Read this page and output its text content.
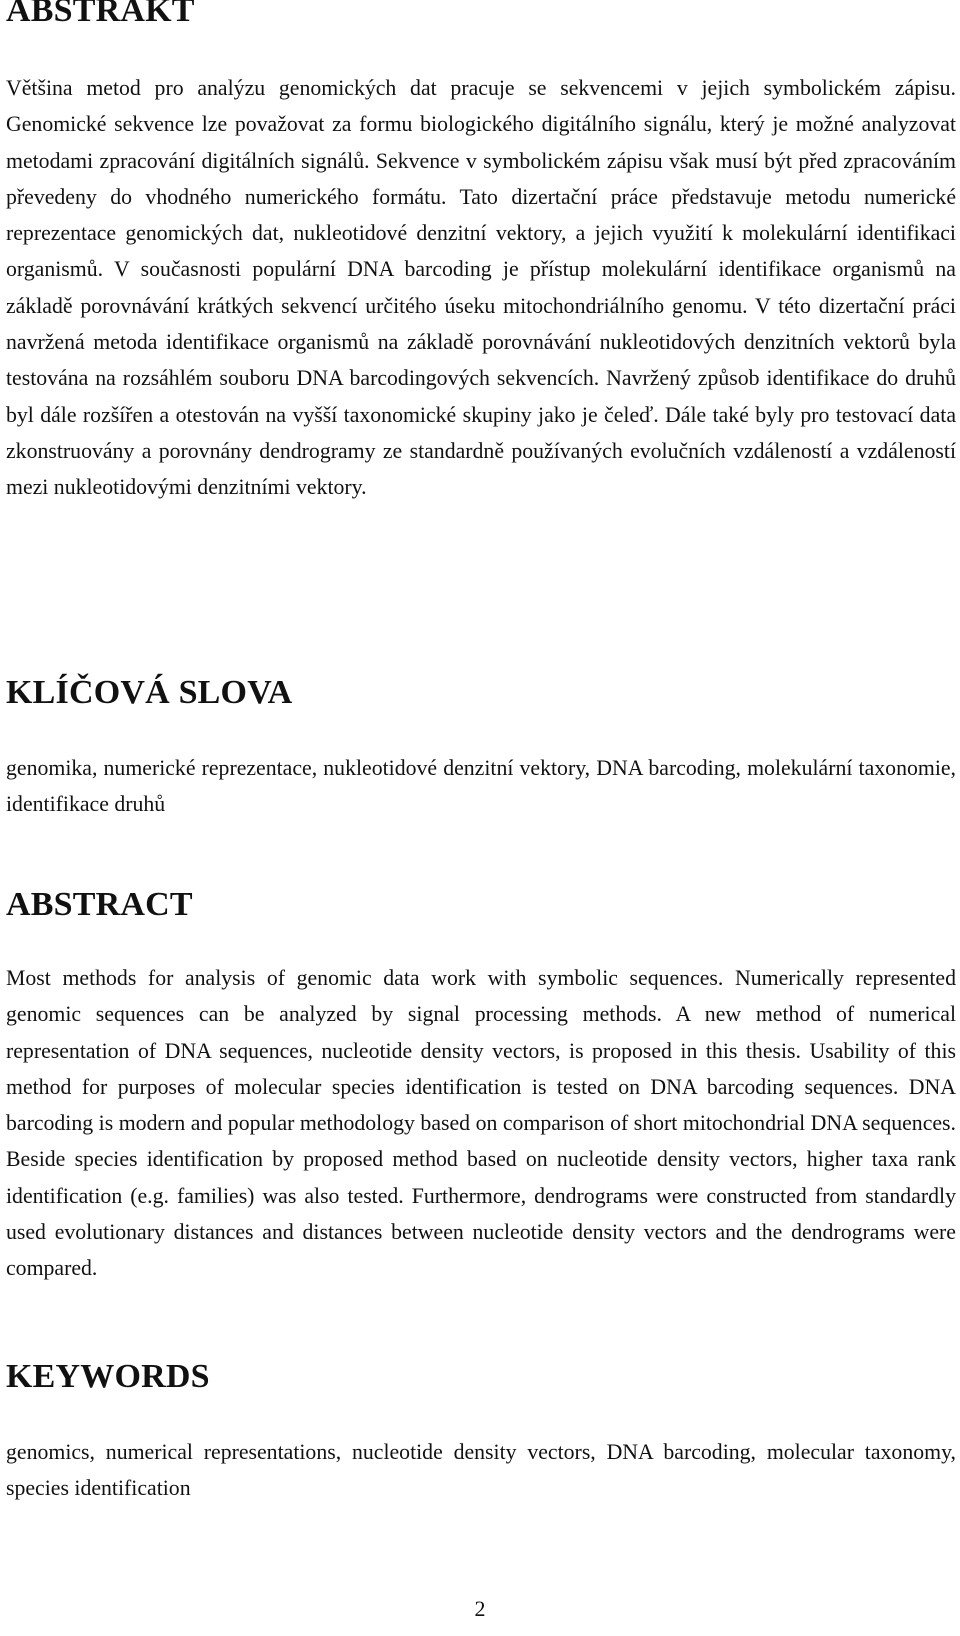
ABSTRAKT

Většina metod pro analýzu genomických dat pracuje se sekvencemi v jejich symbolickém zápisu. Genomické sekvence lze považovat za formu biologického digitálního signálu, který je možné analyzovat metodami zpracování digitálních signálů. Sekvence v symbolickém zápisu však musí být před zpracováním převedeny do vhodného numerického formátu. Tato dizertační práce představuje metodu numerické reprezentace genomických dat, nukleotidové denzitní vektory, a jejich využití k molekulární identifikaci organismů. V současnosti populární DNA barcoding je přístup molekulární identifikace organismů na základě porovnávání krátkých sekvencí určitého úseku mitochondriálního genomu. V této dizertační práci navržená metoda identifikace organismů na základě porovnávání nukleotidových denzitních vektorů byla testována na rozsáhlém souboru DNA barcodingových sekvencích. Navržený způsob identifikace do druhů byl dále rozšířen a otestován na vyšší taxonomické skupiny jako je čeleď. Dále také byly pro testovací data zkonstruovány a porovnány dendrogramy ze standardně používaných evolučních vzdáleností a vzdáleností mezi nukleotidovými denzitními vektory.

KLÍČOVÁ SLOVA

genomika, numerické reprezentace, nukleotidové denzitní vektory, DNA barcoding, molekulární taxonomie, identifikace druhů

ABSTRACT

Most methods for analysis of genomic data work with symbolic sequences. Numerically represented genomic sequences can be analyzed by signal processing methods. A new method of numerical representation of DNA sequences, nucleotide density vectors, is proposed in this thesis. Usability of this method for purposes of molecular species identification is tested on DNA barcoding sequences. DNA barcoding is modern and popular methodology based on comparison of short mitochondrial DNA sequences. Beside species identification by proposed method based on nucleotide density vectors, higher taxa rank identification (e.g. families) was also tested. Furthermore, dendrograms were constructed from standardly used evolutionary distances and distances between nucleotide density vectors and the dendrograms were compared.

KEYWORDS

genomics, numerical representations, nucleotide density vectors, DNA barcoding, molecular taxonomy, species identification

2
